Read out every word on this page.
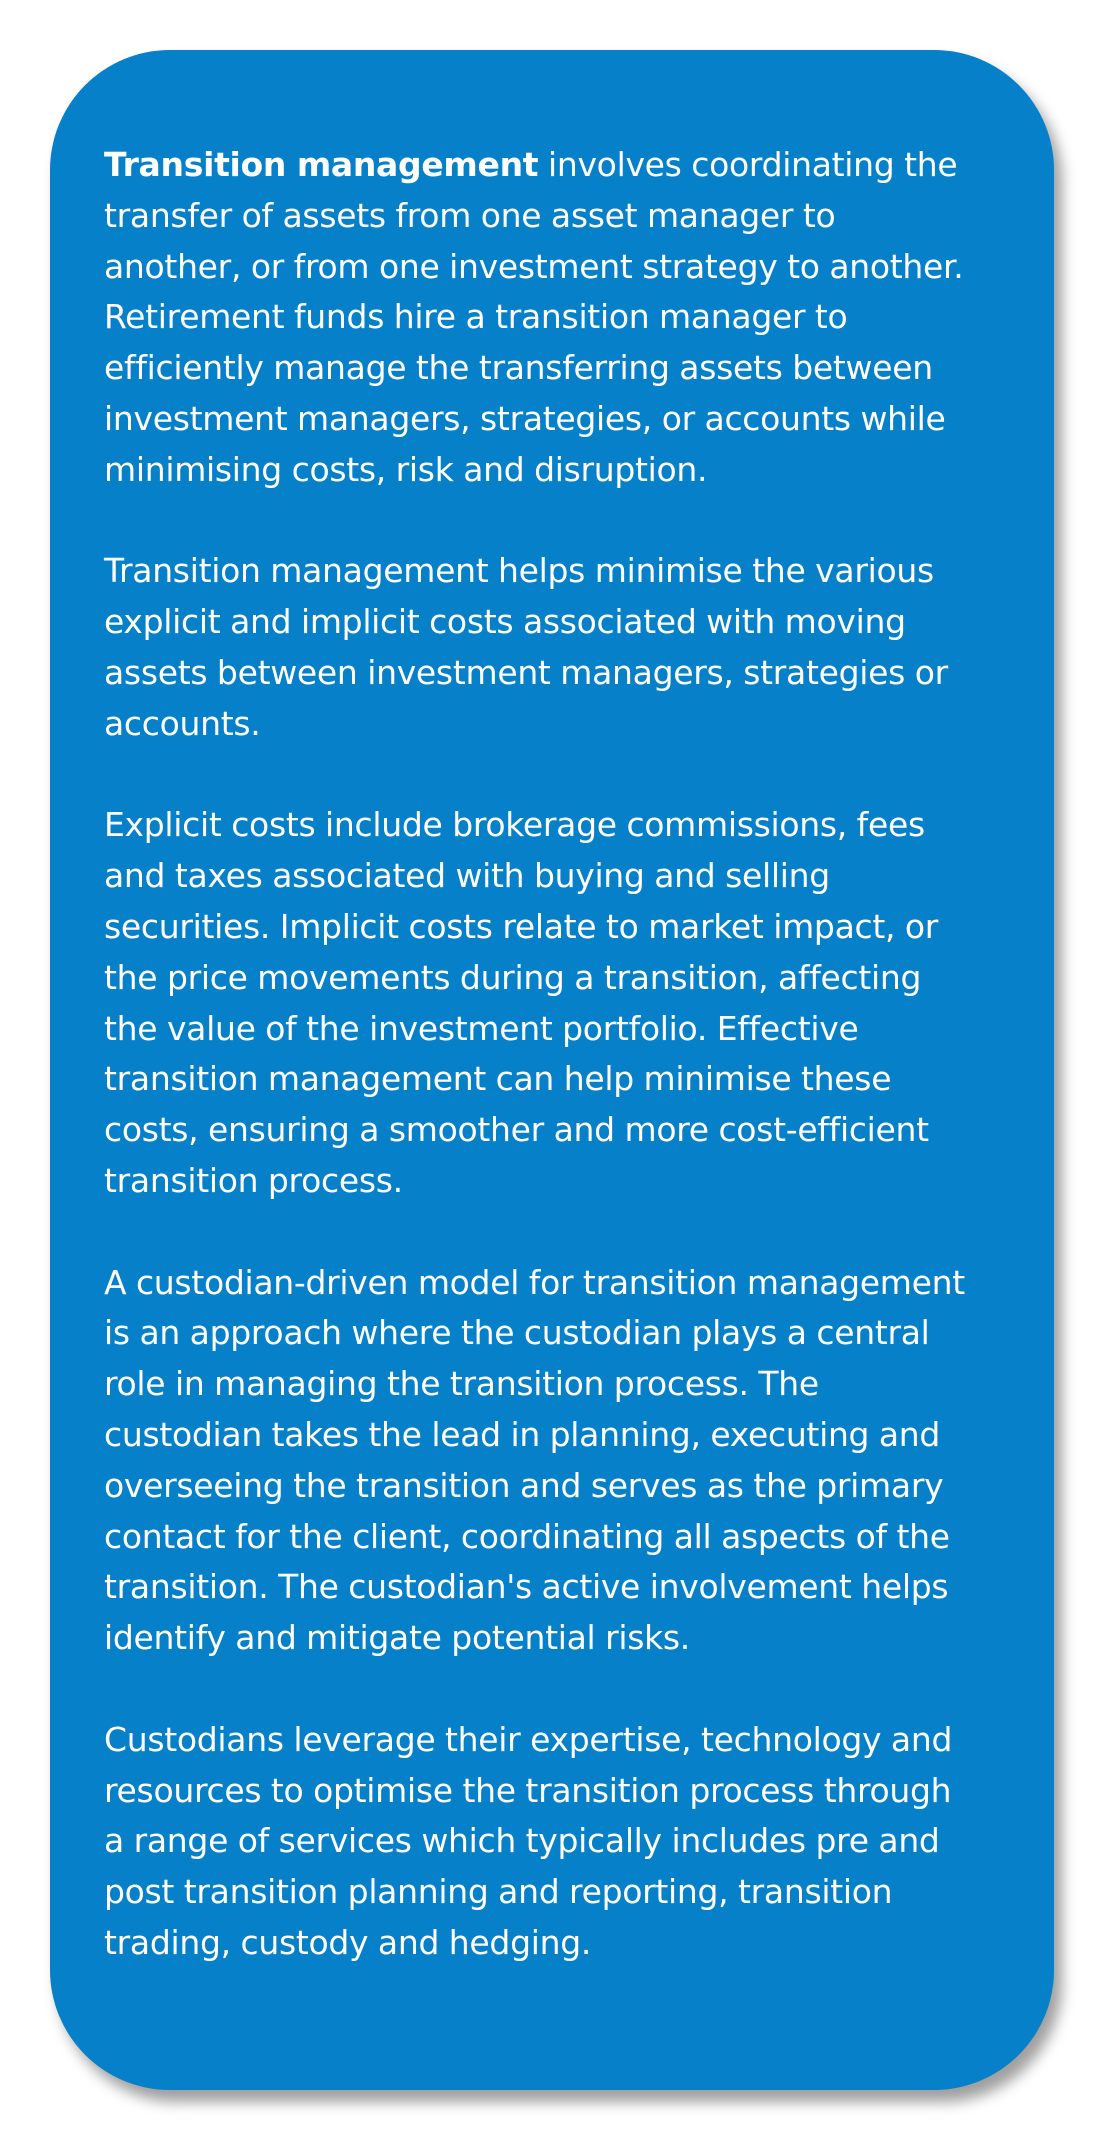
Transition management involves coordinating the
transfer of assets from one asset manager to
another, or from one investment strategy to another.
Retirement funds hire a transition manager to
efficiently manage the transferring assets between
investment managers, strategies, or accounts while
minimising costs, risk and disruption.

Transition management helps minimise the various
explicit and implicit costs associated with moving
assets between investment managers, strategies or
accounts.

Explicit costs include brokerage commissions, fees
and taxes associated with buying and selling
securities. Implicit costs relate to market impact, or
the price movements during a transition, affecting
the value of the investment portfolio. Effective
transition management can help minimise these
costs, ensuring a smoother and more cost-efficient
transition process.

A custodian-driven model for transition management
is an approach where the custodian plays a central
role in managing the transition process. The
custodian takes the lead in planning, executing and
overseeing the transition and serves as the primary
contact for the client, coordinating all aspects of the
transition. The custodian's active involvement helps
identify and mitigate potential risks.

Custodians leverage their expertise, technology and
resources to optimise the transition process through
a range of services which typically includes pre and
post transition planning and reporting, transition
trading, custody and hedging.
